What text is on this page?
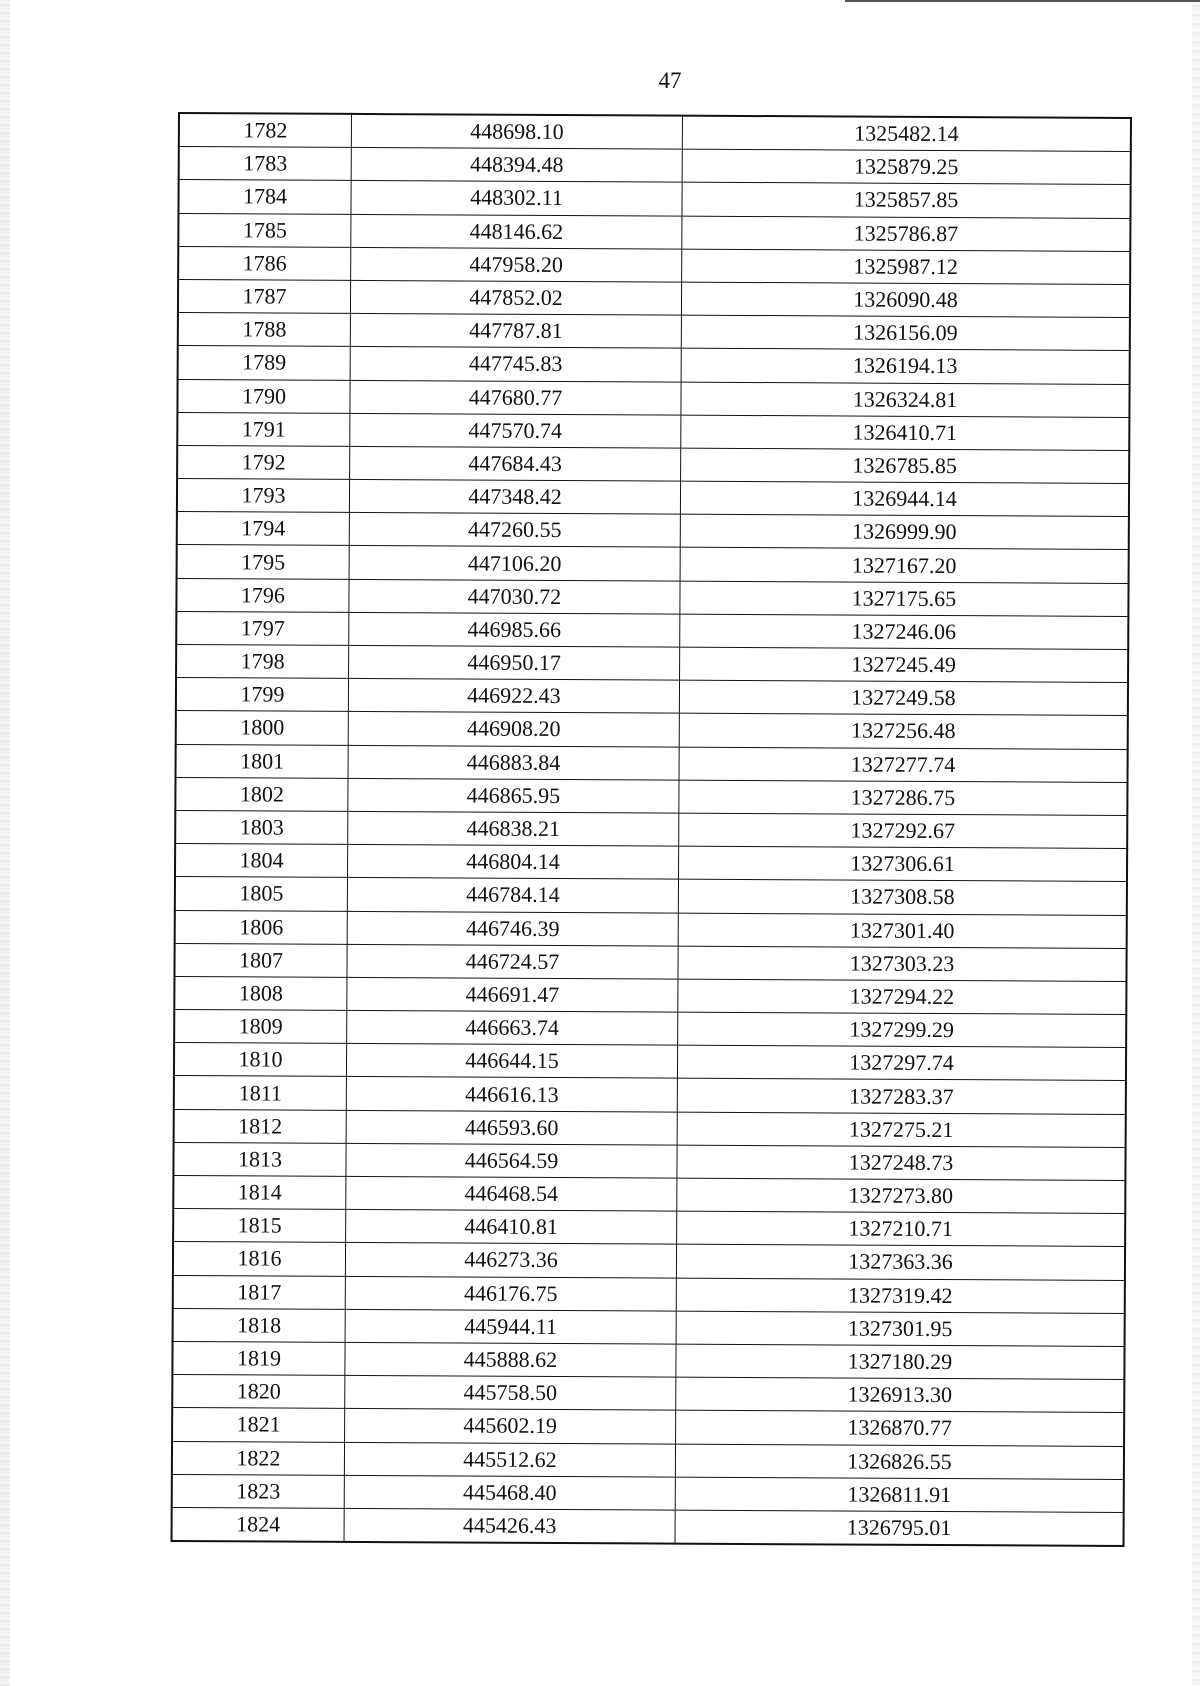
47
1782	448698.10	1325482.14
1783	448394.48	1325879.25
1784	448302.11	1325857.85
1785	448146.62	1325786.87
1786	447958.20	1325987.12
1787	447852.02	1326090.48
1788	447787.81	1326156.09
1789	447745.83	1326194.13
1790	447680.77	1326324.81
1791	447570.74	1326410.71
1792	447684.43	1326785.85
1793	447348.42	1326944.14
1794	447260.55	1326999.90
1795	447106.20	1327167.20
1796	447030.72	1327175.65
1797	446985.66	1327246.06
1798	446950.17	1327245.49
1799	446922.43	1327249.58
1800	446908.20	1327256.48
1801	446883.84	1327277.74
1802	446865.95	1327286.75
1803	446838.21	1327292.67
1804	446804.14	1327306.61
1805	446784.14	1327308.58
1806	446746.39	1327301.40
1807	446724.57	1327303.23
1808	446691.47	1327294.22
1809	446663.74	1327299.29
1810	446644.15	1327297.74
1811	446616.13	1327283.37
1812	446593.60	1327275.21
1813	446564.59	1327248.73
1814	446468.54	1327273.80
1815	446410.81	1327210.71
1816	446273.36	1327363.36
1817	446176.75	1327319.42
1818	445944.11	1327301.95
1819	445888.62	1327180.29
1820	445758.50	1326913.30
1821	445602.19	1326870.77
1822	445512.62	1326826.55
1823	445468.40	1326811.91
1824	445426.43	1326795.01
